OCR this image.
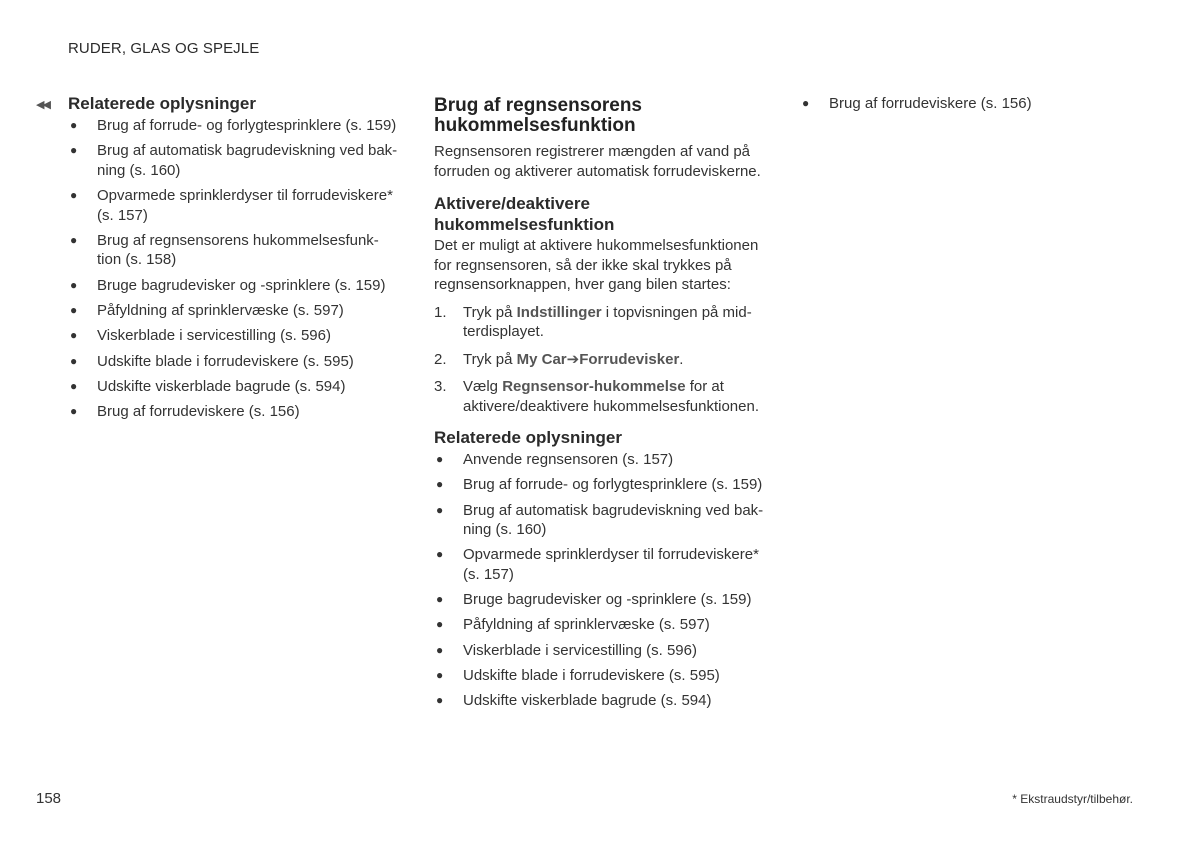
RUDER, GLAS OG SPEJLE
◀◀ Relaterede oplysninger
● Brug af forrude- og forlygtesprinklere (s. 159)
● Brug af automatisk bagrudeviskning ved bak- ning (s. 160)
● Opvarmede sprinklerdyser til forrudeviskere* (s. 157)
● Brug af regnsensorens hukommelsesfunk- tion (s. 158)
● Bruge bagrudevisker og -sprinklere (s. 159)
● Påfyldning af sprinklervæske (s. 597)
● Viskerblade i servicestilling (s. 596)
● Udskifte blade i forrudeviskere (s. 595)
● Udskifte viskerblade bagrude (s. 594)
● Brug af forrudeviskere (s. 156)
Brug af regnsensorens hukommelsesfunktion

Regnsensoren registrerer mængden af vand på forruden og aktiverer automatisk forrudeviskerne.

Aktivere/deaktivere hukommelsesfunktion

Det er muligt at aktivere hukommelsesfunktionen for regnsensoren, så der ikke skal trykkes på regnsensorknappen, hver gang bilen startes:

1. Tryk på Indstillinger i topvisningen på mid- terdisplayet.
2. Tryk på My Car➔Forrudevisker.
3. Vælg Regnsensor-hukommelse for at aktivere/deaktivere hukommelsesfunktionen.
Relaterede oplysninger
● Anvende regnsensoren (s. 157)
● Brug af forrude- og forlygtesprinklere (s. 159)
● Brug af automatisk bagrudeviskning ved bak- ning (s. 160)
● Opvarmede sprinklerdyser til forrudeviskere* (s. 157)
● Bruge bagrudevisker og -sprinklere (s. 159)
● Påfyldning af sprinklervæske (s. 597)
● Viskerblade i servicestilling (s. 596)
● Udskifte blade i forrudeviskere (s. 595)
● Udskifte viskerblade bagrude (s. 594)
● Brug af forrudeviskere (s. 156)
158	* Ekstraudstyr/tilbehør.
